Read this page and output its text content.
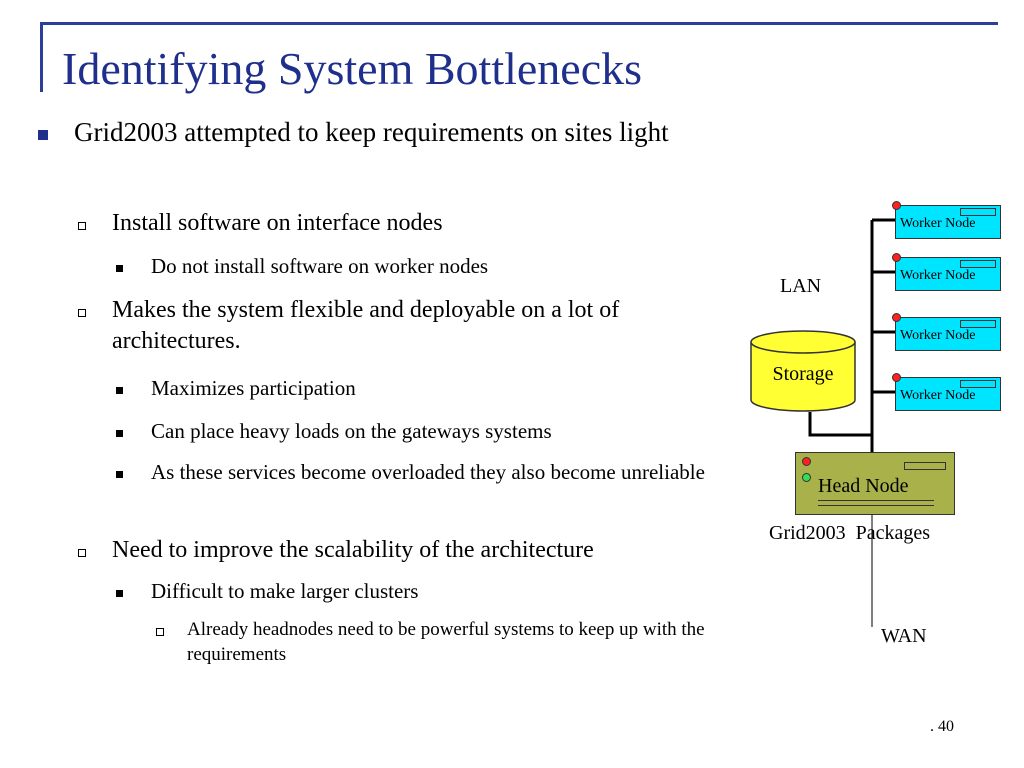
Identifying System Bottlenecks
Grid2003 attempted to keep requirements on sites light
Install software on interface nodes
Do not install software on worker nodes
Makes the system flexible and deployable on a lot of architectures.
Maximizes participation
Can place heavy loads on the gateways systems
As these services become overloaded they also become unreliable
Need to improve the scalability of the architecture
Difficult to make larger clusters
Already headnodes need to be powerful systems to keep up with the requirements
LAN
Worker Node
Worker Node
Worker Node
Worker Node
Storage
Head Node
Grid2003  Packages
WAN
. 40
